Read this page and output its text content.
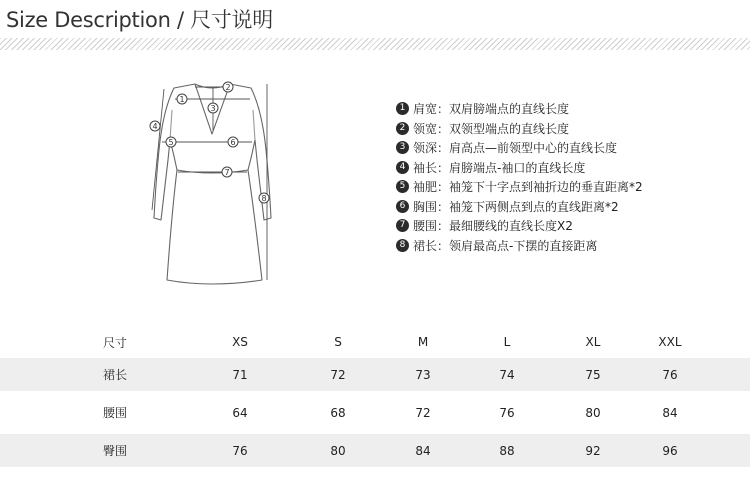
Size Description / 尺寸说明
1
2
3
4
5	6
7
8
1 肩宽：双肩膀端点的直线长度
2 领宽：双领型端点的直线长度
3 领深：肩高点—前领型中心的直线长度
4 袖长：肩膀端点-袖口的直线长度
5 袖肥：袖笼下十字点到袖折边的垂直距离*2
6 胸围：袖笼下两侧点到点的直线距离*2
7 腰围：最细腰线的直线长度X2
8 裙长：领肩最高点-下摆的直接距离
尺寸	XS	S	M	L	XL	XXL
裙长	71	72	73	74	75	76
腰围	64	68	72	76	80	84
臀围	76	80	84	88	92	96
